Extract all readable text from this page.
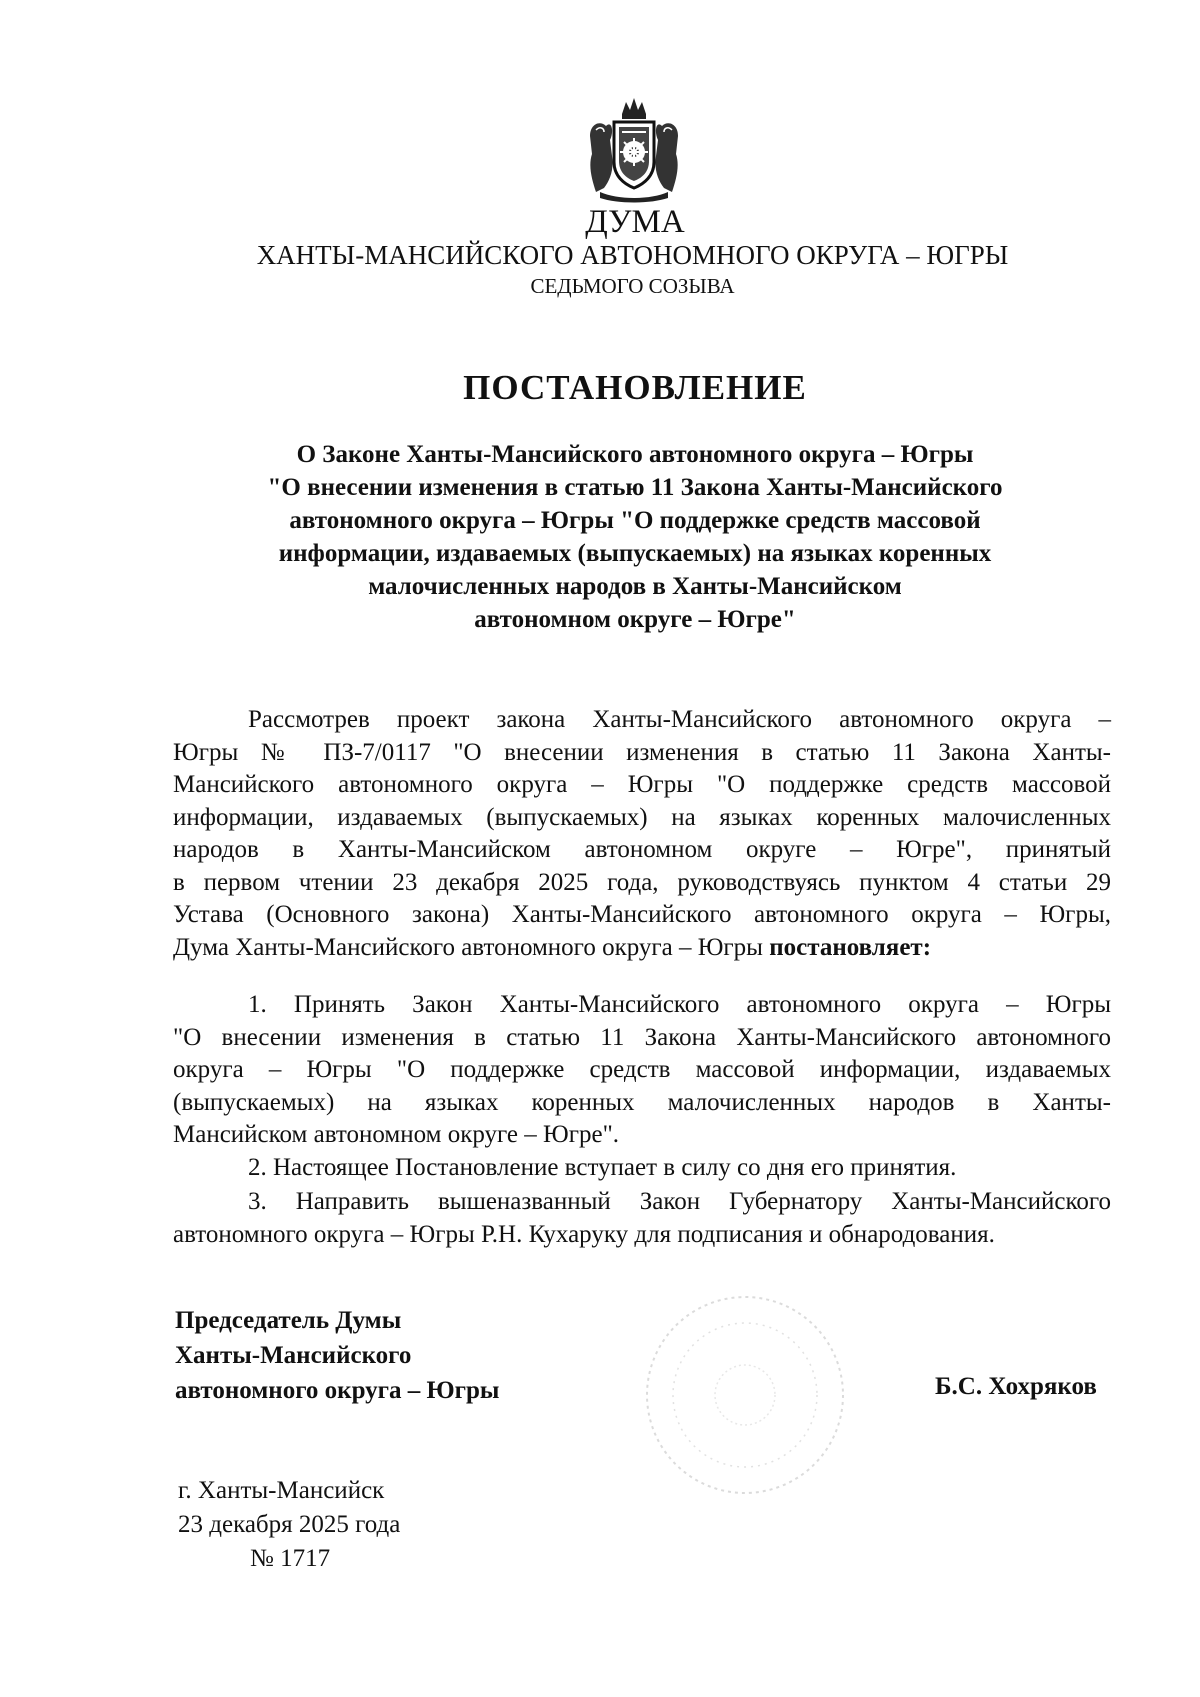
ДУМА
ХАНТЫ-МАНСИЙСКОГО АВТОНОМНОГО ОКРУГА – ЮГРЫ
СЕДЬМОГО СОЗЫВА
ПОСТАНОВЛЕНИЕ
О Законе Ханты-Мансийского автономного округа – Югры
"О внесении изменения в статью 11 Закона Ханты-Мансийского
автономного округа – Югры "О поддержке средств массовой
информации, издаваемых (выпускаемых) на языках коренных
малочисленных народов в Ханты-Мансийском
автономном округе – Югре"
Рассмотрев проект закона Ханты-Мансийского автономного округа –
Югры № ПЗ-7/0117 "О внесении изменения в статью 11 Закона Ханты-
Мансийского автономного округа – Югры "О поддержке средств массовой
информации, издаваемых (выпускаемых) на языках коренных малочисленных
народов в Ханты-Мансийском автономном округе – Югре", принятый
в первом чтении 23 декабря 2025 года, руководствуясь пунктом 4 статьи 29
Устава (Основного закона) Ханты-Мансийского автономного округа – Югры,
Дума Ханты-Мансийского автономного округа – Югры постановляет:
1. Принять Закон Ханты-Мансийского автономного округа – Югры
"О внесении изменения в статью 11 Закона Ханты-Мансийского автономного
округа – Югры "О поддержке средств массовой информации, издаваемых
(выпускаемых) на языках коренных малочисленных народов в Ханты-
Мансийском автономном округе – Югре".
2. Настоящее Постановление вступает в силу со дня его принятия.
3. Направить вышеназванный Закон Губернатору Ханты-Мансийского
автономного округа – Югры Р.Н. Кухаруку для подписания и обнародования.
Председатель Думы
Ханты-Мансийского
автономного округа – Югры	Б.С. Хохряков
г. Ханты-Мансийск
23 декабря 2025 года
№ 1717
